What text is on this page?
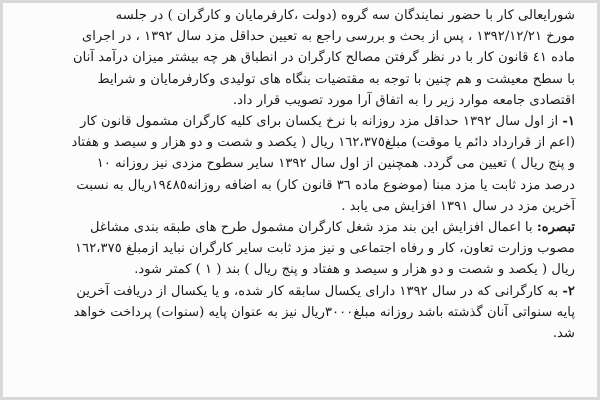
شورایعالی کار با حضور نمایندگان سه گروه (دولت ،کارفرمایان و کارگران ) در جلسه

مورخ ۱۳۹۲/۱۲/۲۱ ، پس از بحث و بررسی راجع به تعیین حداقل مزد سال ۱۳۹۲ ، در اجرای

ماده ٤١ قانون کار با در نظر گرفتن مصالح کارگران در انطباق هر چه بیشتر میزان درآمد آنان

با سطح معیشت و هم چنین با توجه به مقتضیات بنگاه های تولیدی وکارفرمایان و شرایط

اقتصادی جامعه موارد زیر را به اتفاق آرا مورد تصویب قرار داد.

۱- از اول سال ۱۳۹۲ حداقل مزد روزانه با نرخ یکسان برای کلیه کارگران مشمول قانون کار

(اعم از قرارداد دائم یا موقت) مبلغ۱٦۲،۳۷٥ ریال ( یکصد و شصت و دو هزار و سیصد و هفتاد

و پنج ریال ) تعیین می گردد. همچنین از اول سال ۱۳۹۲ سایر سطوح مزدی نیز روزانه ۱۰

درصد مزد ثابت یا مزد مبنا (موضوع ماده ۳٦ قانون کار) به اضافه روزانه۱۹٤۸٥ریال به نسبت

آخرین مزد در سال ۱۳۹۱ افزایش می یابد .

تبصره: با اعمال افزایش این بند مزد شغل کارگران مشمول طرح های طبقه بندی مشاغل

مصوب وزارت تعاون، کار و رفاه اجتماعی و نیز مزد ثابت سایر کارگران نباید ازمبلغ ۱٦۲،۳۷٥

ریال ( یکصد و شصت و دو هزار و سیصد و هفتاد و پنج ریال ) بند ( ۱ ) کمتر شود.

۲- به کارگرانی که در سال ۱۳۹۲ دارای یکسال سابقه کار شده، و یا یکسال از دریافت آخرین

پایه سنواتی آنان گذشته باشد روزانه مبلغ۳۰۰۰ریال نیز به عنوان پایه (سنوات) پرداخت خواهد

شد.
